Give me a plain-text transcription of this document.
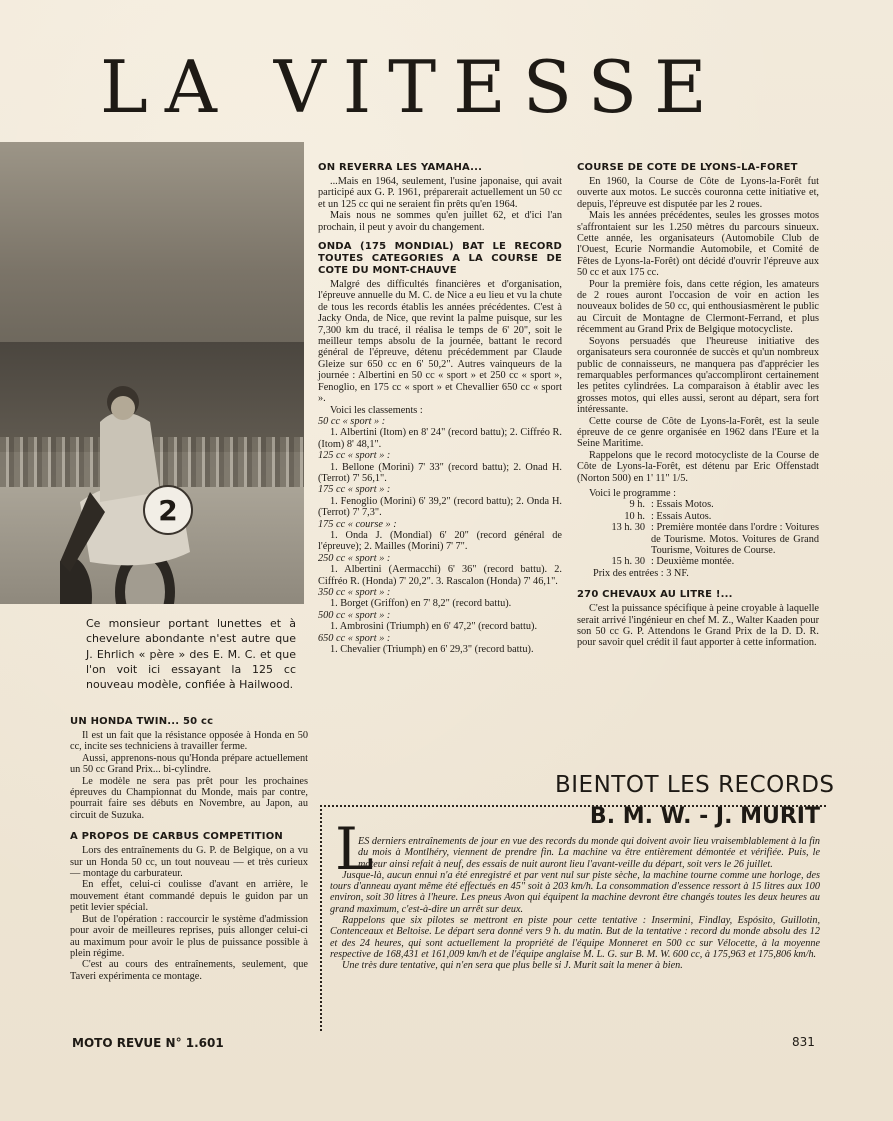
LA VITESSE
2
Ce monsieur portant lunettes et à chevelure abondante n'est autre que J. Ehrlich « père » des E. M. C. et que l'on voit ici essayant la 125 cc nouveau modèle, confiée à Hailwood.
UN HONDA TWIN... 50 cc

Il est un fait que la résistance opposée à Honda en 50 cc, incite ses techniciens à travailler ferme.

Aussi, apprenons-nous qu'Honda prépare actuellement un 50 cc Grand Prix... bi-cylindre.

Le modèle ne sera pas prêt pour les prochaines épreuves du Championnat du Monde, mais par contre, pourrait faire ses débuts en Novembre, au Japon, au circuit de Suzuka.

A PROPOS DE CARBUS COMPETITION

Lors des entraînements du G. P. de Belgique, on a vu sur un Honda 50 cc, un tout nouveau — et très curieux — montage du carburateur.

En effet, celui-ci coulisse d'avant en arrière, le mouvement étant commandé depuis le guidon par un petit levier spécial.

But de l'opération : raccourcir le système d'admission pour avoir de meilleures reprises, puis allonger celui-ci au maximum pour avoir le plus de puissance possible à plein régime.

C'est au cours des entraînements, seulement, que Taveri expérimenta ce montage.

ON REVERRA LES YAMAHA...

...Mais en 1964, seulement, l'usine japonaise, qui avait participé aux G. P. 1961, préparerait actuellement un 50 cc et un 125 cc qui ne seraient fin prêts qu'en 1964.

Mais nous ne sommes qu'en juillet 62, et d'ici l'an prochain, il peut y avoir du changement.

ONDA (175 MONDIAL) BAT LE RECORD TOUTES CATEGORIES A LA COURSE DE COTE DU MONT-CHAUVE

Malgré des difficultés financières et d'organisation, l'épreuve annuelle du M. C. de Nice a eu lieu et vu la chute de tous les records établis les années précédentes. C'est à Jacky Onda, de Nice, que revint la palme puisque, sur les 7,300 km du tracé, il réalisa le temps de 6' 20", soit le meilleur temps absolu de la journée, battant le record général de l'épreuve, détenu précédemment par Claude Gleize sur 650 cc en 6' 50,2". Autres vainqueurs de la journée : Albertini en 50 cc « sport » et 250 cc « sport », Fenoglio, en 175 cc « sport » et Chevallier 650 cc « sport ».

Voici les classements :

50 cc « sport » :

1. Albertini (Itom) en 8' 24" (record battu); 2. Ciffréo R. (Itom) 8' 48,1".

125 cc « sport » :

1. Bellone (Morini) 7' 33" (record battu); 2. Onad H. (Terrot) 7' 56,1".

175 cc « sport » :

1. Fenoglio (Morini) 6' 39,2" (record battu); 2. Onda H. (Terrot) 7' 7,3".

175 cc « course » :

1. Onda J. (Mondial) 6' 20" (record général de l'épreuve); 2. Mailles (Morini) 7' 7".

250 cc « sport » :

1. Albertini (Aermacchi) 6' 36" (record battu). 2. Ciffréo R. (Honda) 7' 20,2". 3. Rascalon (Honda) 7' 46,1".

350 cc « sport » :

1. Borget (Griffon) en 7' 8,2" (record battu).

500 cc « sport » :

1. Ambrosini (Triumph) en 6' 47,2" (record battu).

650 cc « sport » :

1. Chevalier (Triumph) en 6' 29,3" (record battu).

COURSE DE COTE DE LYONS-LA-FORET

En 1960, la Course de Côte de Lyons-la-Forêt fut ouverte aux motos. Le succès couronna cette initiative et, depuis, l'épreuve est disputée par les 2 roues.

Mais les années précédentes, seules les grosses motos s'affrontaient sur les 1.250 mètres du parcours sinueux. Cette année, les organisateurs (Automobile Club de l'Ouest, Ecurie Normandie Automobile, et Comité de Fêtes de Lyons-la-Forêt) ont décidé d'ouvrir l'épreuve aux 50 cc et aux 175 cc.

Pour la première fois, dans cette région, les amateurs de 2 roues auront l'occasion de voir en action les nouveaux bolides de 50 cc, qui enthousiasmèrent le public au Circuit de Montagne de Clermont-Ferrand, et plus récemment au Grand Prix de Belgique motocycliste.

Soyons persuadés que l'heureuse initiative des organisateurs sera couronnée de succès et qu'un nombreux public de connaisseurs, ne manquera pas d'apprécier les remarquables performances qu'accompliront certainement les petites cylindrées. La comparaison à établir avec les grosses motos, qui elles aussi, seront au départ, sera fort intéressante.

Cette course de Côte de Lyons-la-Forêt, est la seule épreuve de ce genre organisée en 1962 dans l'Eure et la Seine Maritime.

Rappelons que le record motocycliste de la Course de Côte de Lyons-la-Forêt, est détenu par Eric Offenstadt (Norton 500) en 1' 11" 1/5.

Voici le programme :

9 h. : Essais Motos.
10 h. : Essais Autos.
13 h. 30 : Première montée dans l'ordre : Voitures de Tourisme. Motos. Voitures de Grand Tourisme, Voitures de Course.
15 h. 30 : Deuxième montée.

Prix des entrées : 3 NF.

270 CHEVAUX AU LITRE !...

C'est la puissance spécifique à peine croyable à laquelle serait arrivé l'ingénieur en chef M. Z., Walter Kaaden pour son 50 cc G. P. Attendons le Grand Prix de la D. D. R. pour savoir quel crédit il faut apporter à cette information.

BIENTOT LES RECORDS
B. M. W. - J. MURIT
L

ES derniers entraînements de jour en vue des records du monde qui doivent avoir lieu vraisemblablement à la fin du mois à Montlhéry, viennent de prendre fin. La machine va être entièrement démontée et vérifiée. Puis, le moteur ainsi refait à neuf, des essais de nuit auront lieu l'avant-veille du départ, soit vers le 26 juillet.

Jusque-là, aucun ennui n'a été enregistré et par vent nul sur piste sèche, la machine tourne comme une horloge, des tours d'anneau ayant même été effectués en 45" soit à 203 km/h. La consommation d'essence ressort à 15 litres aux 100 environ, soit 30 litres à l'heure. Les pneus Avon qui équipent la machine devront être changés toutes les deux heures au grand maximum, c'est-à-dire un arrêt sur deux.

Rappelons que six pilotes se mettront en piste pour cette tentative : Insermini, Findlay, Espósito, Guillotin, Contenceaux et Beltoise. Le départ sera donné vers 9 h. du matin. But de la tentative : record du monde absolu des 12 et des 24 heures, qui sont actuellement la propriété de l'équipe Monneret en 500 cc sur Vélocette, à la moyenne respective de 168,431 et 161,009 km/h et de l'équipe anglaise M. L. G. sur B. M. W. 600 cc, à 175,963 et 175,806 km/h.

Une très dure tentative, qui n'en sera que plus belle si J. Murit sait la mener à bien.

MOTO REVUE N° 1.601	831
